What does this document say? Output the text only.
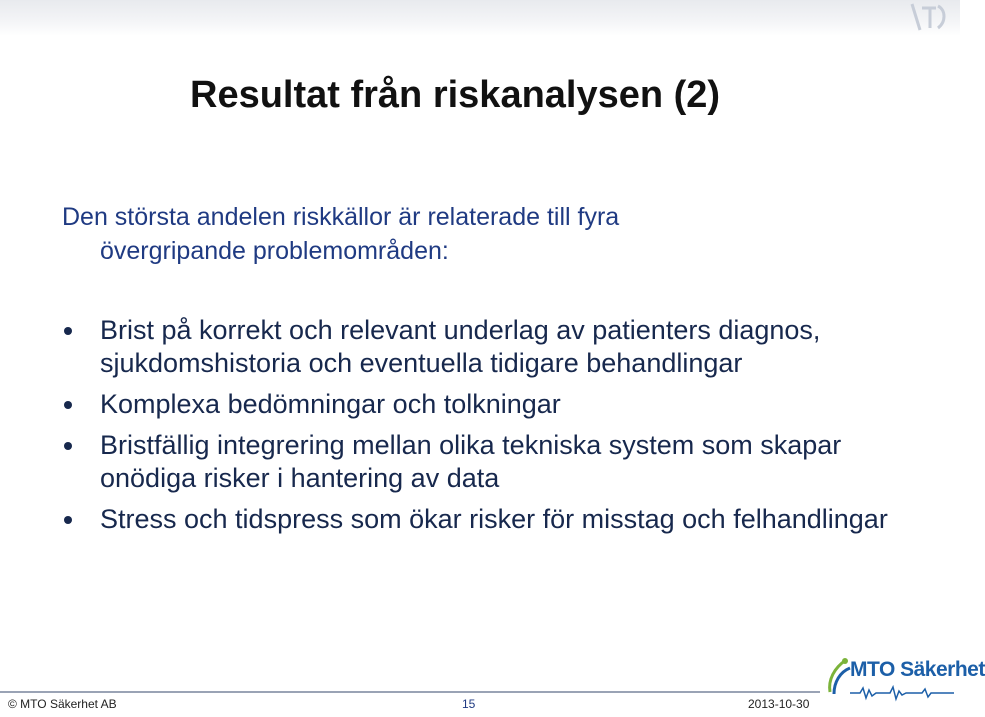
Resultat från riskanalysen (2)

Den största andelen riskkällor är relaterade till fyra
övergripande problemområden:

Brist på korrekt och relevant underlag av patienters diagnos, sjukdomshistoria och eventuella tidigare behandlingar
Komplexa bedömningar och tolkningar
Bristfällig integrering mellan olika tekniska system som skapar onödiga risker i hantering av data
Stress och tidspress som ökar risker för misstag och felhandlingar
© MTO Säkerhet AB	15	2013-10-30
MTO Säkerhet
